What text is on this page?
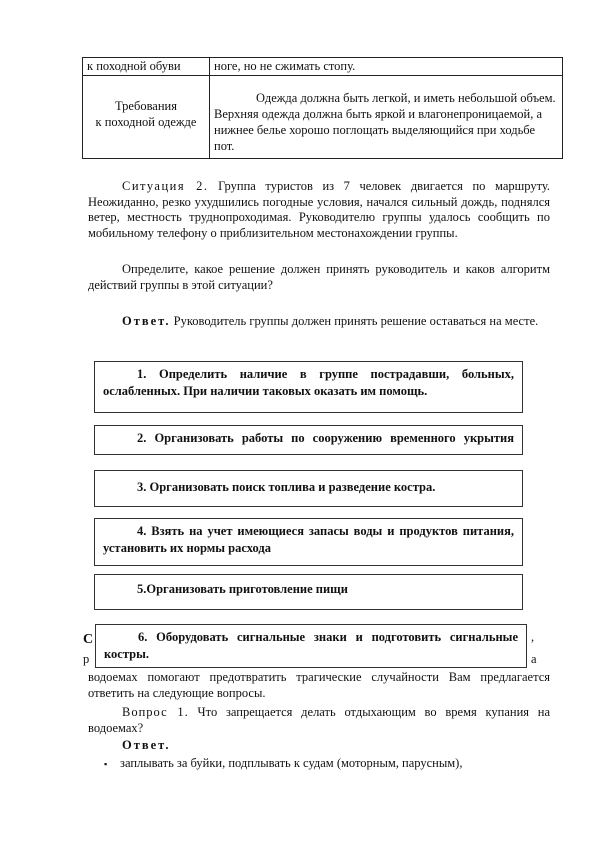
к походной обуви	ноге, но не сжимать стопу.

Требования
к походной одежде	Одежда должна быть легкой, и иметь небольшой объем. Верхняя одежда должна быть яркой и влагонепроницаемой, а нижнее белье хорошо поглощать выделяющийся при ходьбе пот.
Ситуация 2. Группа туристов из 7 человек двигается по маршруту. Неожиданно, резко ухудшились погодные условия, начался сильный дождь, поднялся ветер, местность труднопроходимая. Руководителю группы удалось сообщить по мобильному телефону о приблизительном местонахождении группы.
Определите, какое решение должен принять руководитель и каков алгоритм действий группы в этой ситуации?
Ответ. Руководитель группы должен принять решение оставаться на месте.
1. Определить наличие в группе пострадавши, больных, ослабленных. При наличии таковых оказать им помощь.
2. Организовать работы по сооружению временного укрытия
3. Организовать поиск топлива и разведение костра.
4. Взять на учет имеющиеся запасы воды и продуктов питания, установить их нормы расхода
5.Организовать приготовление пищи
С
р
,
а
6. Оборудовать сигнальные знаки и подготовить сигнальные костры.
водоемах помогают предотвратить трагические случайности Вам предлагается ответить на следующие вопросы.
Вопрос 1. Что запрещается делать отдыхающим во время купания на водоемах?
Ответ.
▪	заплывать за буйки, подплывать к судам (моторным, парусным),
